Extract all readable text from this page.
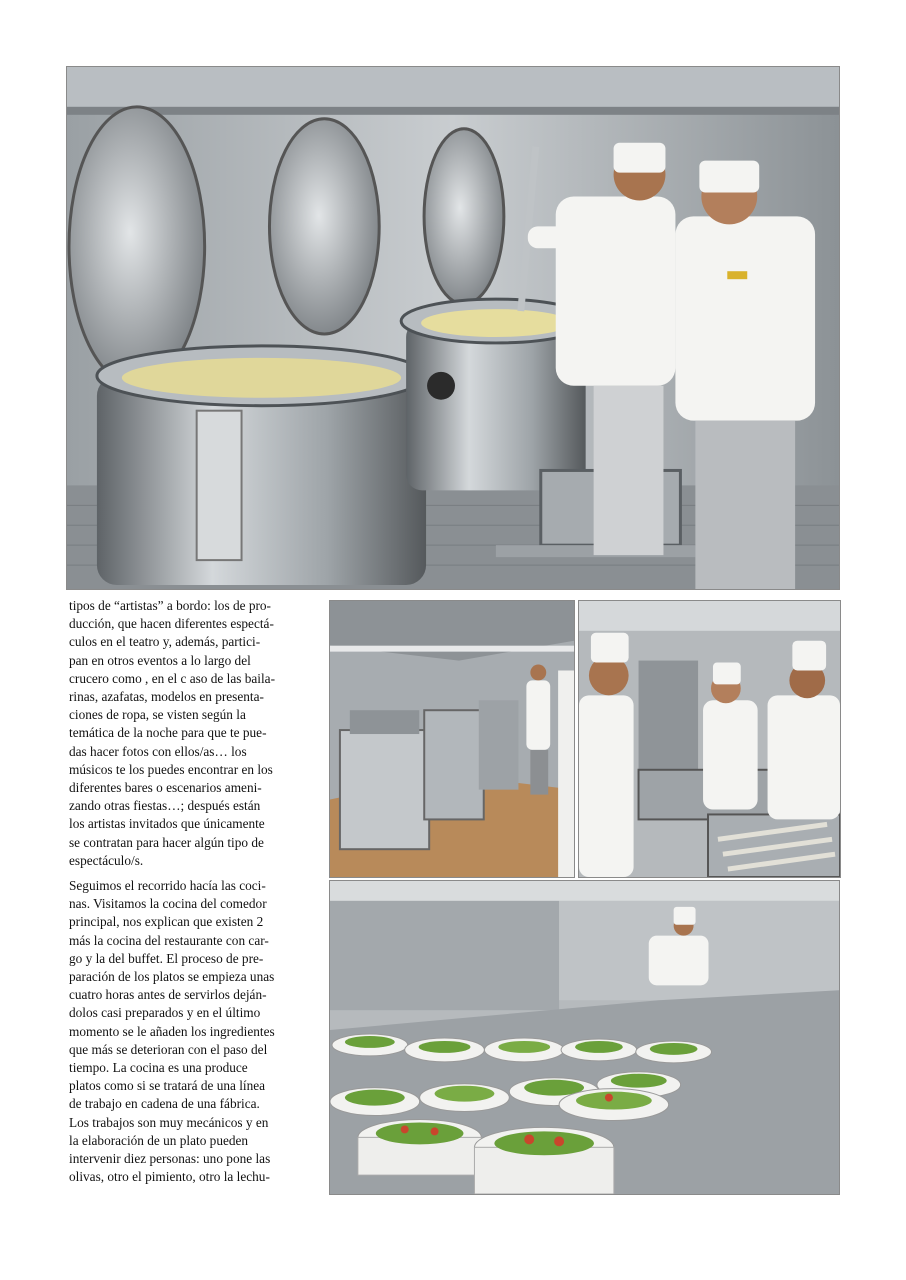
tipos de “artistas” a bordo: los de pro-
ducción, que hacen diferentes espectá-
culos en el teatro y, además, partici-
pan en otros eventos a lo largo del
crucero como , en el c aso de las baila-
rinas, azafatas, modelos en presenta-
ciones de ropa, se visten según la
temática de la noche para que te pue-
das hacer fotos con ellos/as… los
músicos te los puedes encontrar en los
diferentes bares o escenarios ameni-
zando otras fiestas…; después están
los artistas invitados que únicamente
se contratan para hacer algún tipo de
espectáculo/s.

Seguimos el recorrido hacía las coci-
nas. Visitamos la cocina del comedor
principal, nos explican que existen 2
más la cocina del restaurante con car-
go y la del buffet. El proceso de pre-
paración de los platos se empieza unas
cuatro horas antes de servirlos deján-
dolos casi preparados y en el último
momento se le añaden los ingredientes
que más se deterioran con el paso del
tiempo. La cocina es una produce
platos como si se tratará de una línea
de trabajo en cadena de una fábrica.
Los trabajos son muy mecánicos y en
la elaboración de un plato pueden
intervenir diez personas: uno pone las
olivas, otro el pimiento, otro la lechu-
